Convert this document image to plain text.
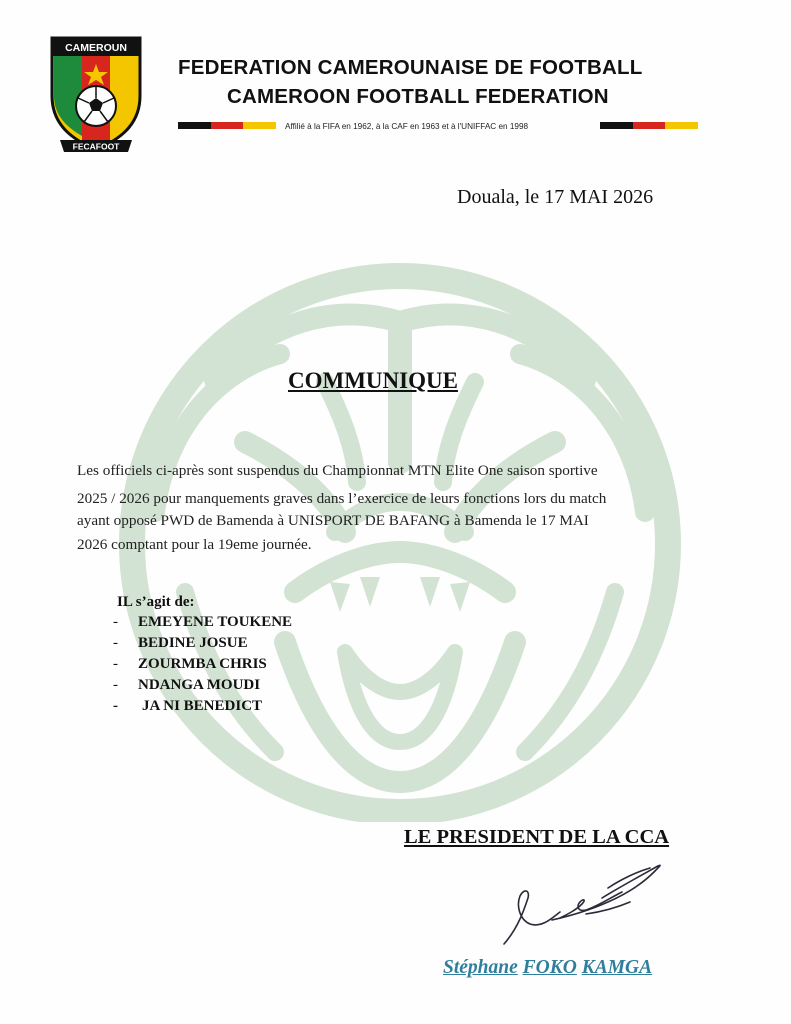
CAMEROUN
FECAFOOT
FEDERATION CAMEROUNAISE DE FOOTBALL
CAMEROON FOOTBALL FEDERATION
Affilié à la FIFA en 1962, à la CAF en 1963 et à l'UNIFFAC en 1998
Douala, le 17 MAI 2026
COMMUNIQUE
Les officiels ci-après sont suspendus du Championnat MTN Elite One saison sportive
2025 / 2026 pour manquements graves dans l’exercice de leurs fonctions lors du match
ayant opposé PWD de Bamenda à UNISPORT DE BAFANG à Bamenda le 17 MAI
2026 comptant pour la 19eme journée.
IL s’agit de:
- EMEYENE TOUKENE
- BEDINE JOSUE
- ZOURMBA CHRIS
- NDANGA MOUDI
- JA NI BENEDICT
LE PRESIDENT DE LA CCA
Stéphane FOKO KAMGA
